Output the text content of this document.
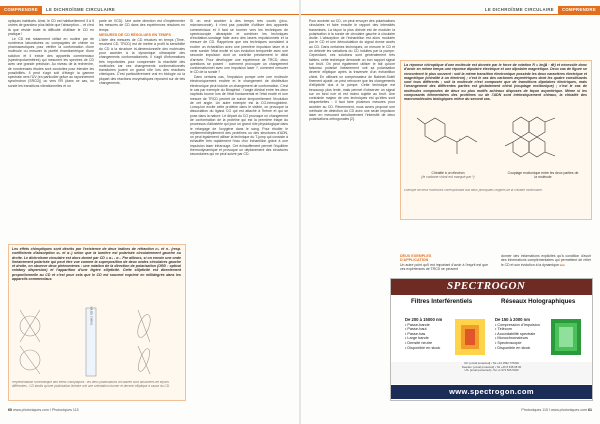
COMPRENDRE LE DICHROÏSME CIRCULAIRE

optiques habituels. Ainsi, le CD est habituellement 3 à 5 ordres de grandeur plus faible que l'absorption… et c'est là que réside toute la difficulté d'utiliser le CD en pratique !

Le CD est notamment utilisé en routine par de nombreux laboratoires ou compagnies de chimie ou pharmaceutiques pour vérifier la conformation d'une molécule ou mesurer la pureté énantiomérique d'une solution et il existe des appareils commerciaux (spectropolarimètres) qui mesurent les spectres de CD avec une grande précision. Au niveau de la recherche, de nombreuses études sont conduites pour étendre les possibilités. Il peut s'agir soit d'élargir la gamme spectrale vers l'UV (en particulier grâce au rayonnement synchrotron (SRCD)) ou vers l'IR (dans ce cas, on sonde les transitions vibrationnelles et on

parle de VCD). Une autre direction est d'implémenter les mesures de CD dans des expériences résolues en temps.

MESURES DE CD RÉSOLUES EN TEMPS

L'idée des mesures de CD résolues en temps (Time-resolved CD, TRCD) est de mettre à profit la sensibilité du CD à la structure tri-dimensionnelle des molécules pour accéder à la dynamique ultrarapide des changements conformationnels. Il s'agit d'informations très importantes pour comprendre la réactivité des molécules car ces changements conformationnels transitoires jouent un grand rôle lors des réactions chimiques. C'est particulièrement vrai en biologie où la plupart des réactions enzymatiques reposent sur de tels changements.

Si on veut accéder à des temps très courts (pico-microseconde), il n'est pas possible d'utiliser des appareils commerciaux et il faut se tourner vers les techniques de spectroscopie ultrarapide et combiner les techniques d'excitation-sondage faite avec des lasers impulsionnels et la mesure de CD. Rappelons que ces techniques consistent à exciter un échantillon avec une première impulsion laser et à venir sonder l'état excité et son évolution temporelle avec une seconde impulsion dont on contrôle précisément le délai d'arrivée. Pour développer une expérience de TRCD, deux questions se posent : comment provoquer un changement conformationnel avec une impulsion laser ?, comment mesurer le CD de la sonde ?

Dans certains cas, l'impulsion pompe crée une molécule électroniquement excitée et le changement de distribution électronique peut induire un changement de conformation. C'est le cas par exemple du Binaphtol : l'angle dièdral entre les deux naphtols tourne lors de l'état fondamental et l'état excité et une mesure de TRCD permet de suivre temporellement l'évolution de cet angle. Un autre exemple est la CO-hémoglobine. Lorsqu'on excite cette protéine dans le visible, on provoque la dissociation du ligand CO qui est attaché à l'hème et qui se pose dans la nature. Le départ du CO provoque un changement de conformation de la protéine qui est la première étape du processus d'allostérie qui joue un grand rôle physiologique dans le relargage de l'oxygène dans le sang. Pour étudier le repliement/dépliement des protéines ou des structures d'ADN, on peut également utiliser la technique du T-jump qui consiste à échauffer très rapidement l'eau d'un échantillon grâce à une impulsion laser infrarouge. Cet échauffement permet l'équilibre thermodynamique et provoque un déplacement des structures secondaires qui ne peut suivre par CD.

Les effets chiroptiques sont décrits par l'existence de deux indices de réfraction n₊ et n₋ (resp. coefficients d'absorption α₊ et α₋) selon que la lumière est polarisée circulairement gauche ou droite. Le dichroïsme circulaire est alors donné par CD = α₊ - α₋. Par ailleurs, si on envoie une onde linéairement polarisée qui peut être vue comme la superposition de deux ondes circulaires gauche et droite, on observe deux phénomènes : une rotation de la direction de polarisation (ORD : optical rotatory dispersion) et l'apparition d'une légère ellipticité. Cette ellipticité est directement proportionnelle au CD et c'est pour cela que le CD est souvent exprimé en millidegrés dans les appareils commerciaux.
MILIEU CHIRAL
Représentation schématique des effets chiroptiques : les deux polarisations circulaires sont absorbées de façons différentes ; CD tandis qu'une polarisation linéaire voit une orientation tourner et devenir elliptique à cause du CD.
60 www.photoniques.com I Photoniques 115
LE DICHROÏSME CIRCULAIRE COMPRENDRE

Pour accéder au CD, on peut envoyer des polarisations circulaires et faire ensuite le rapport des intensités transmises. La façon la plus directe est de moduler la polarisation à la sonde de circulaire gauche à circulaire droite. L'absorption de l'échantillon est alors modulée par le CD et une démodulation du signal donne accès au CD. Dans certaines techniques, on mesure le CD et on détecte les variations du CD induites par la pompe. Cependant, ces solutions sont généralement très faibles, cette technique demande un bon rapport signal sur bruit. On peut également utiliser le fait qu'une faisceau polarisé linéairement voit sa polarisation devenir elliptique après la traversée d'un échantillon chiral. En utilisant un compensateur de Babinet-Soleil finement ajusté, on peut retrouver que les changements d'ellipticité dus à la pompe. Cette technique est beaucoup plus lente, mais permet d'observer un signal sur un fond noir et est moins sujette au bruit. Une contrainte majeur de ces techniques est qu'elles sont séquentielles : il faut faire plusieurs mesures pour accéder au CD. Récemment, nous avons proposé une méthode de détection du CD avec une seule impulsion laser en mesurant simultanément l'intensité de deux polarisations orthogonales [2].

La réponse chiroptique d'une molécule est donnée par le force de rotation R = Im(μ⃗ · m⃗) et nécessite donc d'avoir en même temps une réponse dipolaire électrique et une dipolaire magnétique. Deux cas de figure se rencontrent le plus souvent : soit la même transition électronique possède les deux caractères électrique et magnétique (chiralité à un électron) ; c'est le cas des carbones asymétriques dont les quatre constituants sont tous différents ; soit la molécule n'est composée que de transitions dipolaires électriques, mais l'arrangement des différentes parties est globalement chiral (couplage excitonique) ; c'est le cas de molécules composées de deux ou plus motifs achiraux disposés de façon asymétrique. Même si les composants élémentaires des protéines ou de l'ADN sont intrinsèquement chiraux, la chiralité des macromolécules biologiques relève du second cas.
*
Chiralité à un électron
(le carbone chiral est marqué par *)
Couplage excitonique entre les deux parties de la molécule
Exemple de deux molécules correspondant aux deux principales origines de la chiralité moléculaire.
DEUX EXEMPLES
D'APPLICATION

Un autre point qu'il est important d'avoir à l'esprit est que ces expériences de TRCD ne peuvent

donner des informations explicites qu'à condition d'avoir des informations complémentaires qui permettent de relier le CD et son évolution à la dynamique ▸▸▸

SPECTROGON
Filtres Interférentiels	Réseaux Holographiques
De 200 à 15000 nm
• Passe-bande
• Passe-haut
• Passe-bas
• Large bande
• Densité neutre
• Disponible en stock
De 150 à 2000 nm
• Compression d'Impulsion
• Télécom
• Accordabilité spectrale
• Monochromateurs
• Spectroscopie
• Disponible en stock
UK: [email protected] • Tel +44 1592 770000
Sweden: [email protected] • Tel +46 8 638 08 00
US: [email protected] • Tel +1 973 526 5040
www.spectrogon.com
Photoniques 115 I www.photoniques.com 61
